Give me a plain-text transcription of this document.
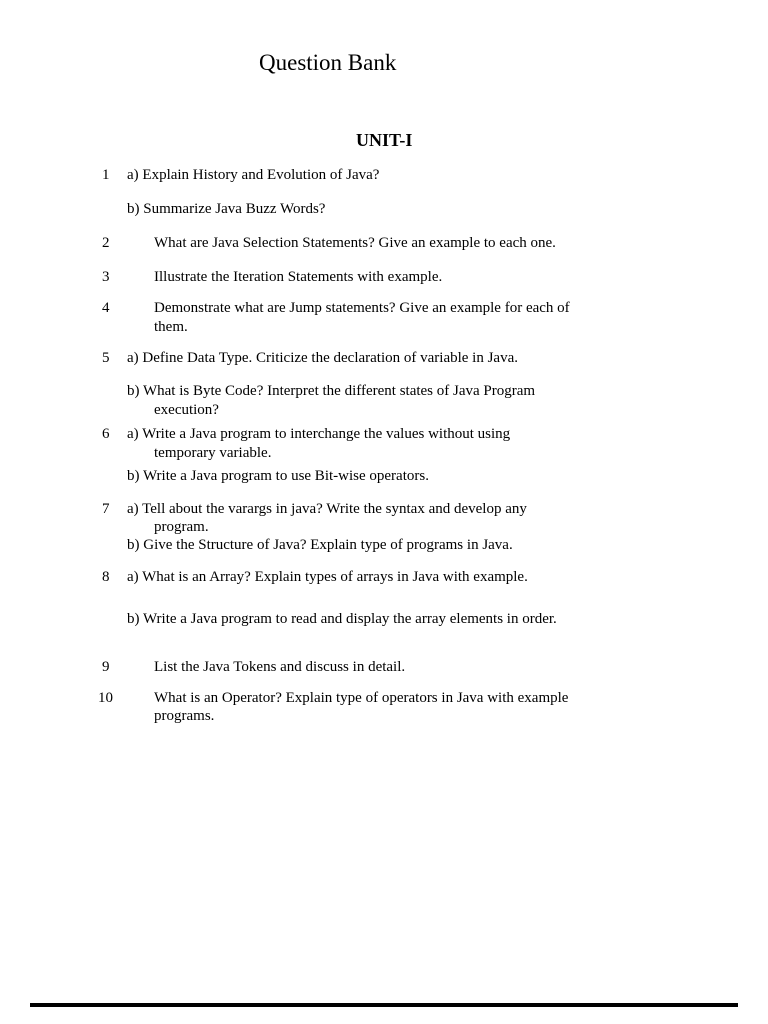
Question Bank
UNIT-I
1 a) Explain History and Evolution of Java?
b) Summarize Java Buzz Words?
2	What are Java Selection Statements? Give an example to each one.
3	Illustrate the Iteration Statements with example.
4	Demonstrate what are Jump statements? Give an example for each of
them.
5 a) Define Data Type. Criticize the declaration of variable in Java.
b) What is Byte Code? Interpret the different states of Java Program
execution?
6 a) Write a Java program to interchange the values without using
temporary variable.
b) Write a Java program to use Bit-wise operators.
7 a) Tell about the varargs in java? Write the syntax and develop any
program.
b) Give the Structure of Java? Explain type of programs in Java.
8 a) What is an Array? Explain types of arrays in Java with example.
b) Write a Java program to read and display the array elements in order.
9	List the Java Tokens and discuss in detail.
10	What is an Operator? Explain type of operators in Java with example
programs.
